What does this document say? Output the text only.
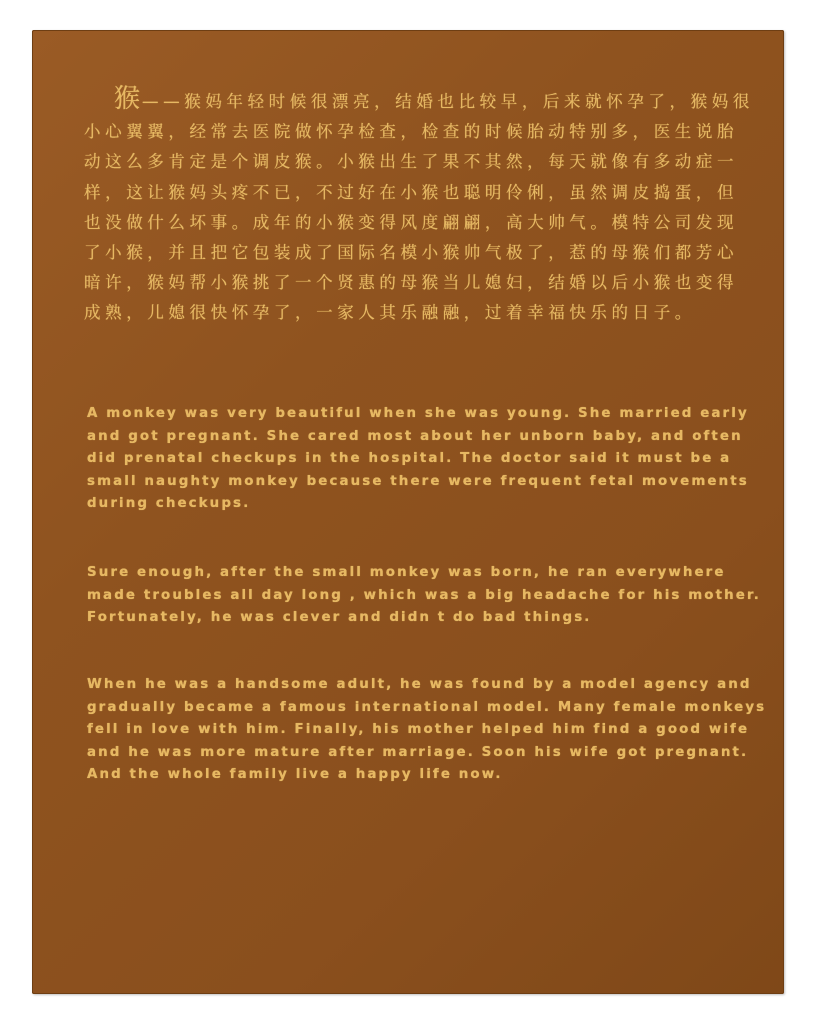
猴——猴妈年轻时候很漂亮，结婚也比较早，后来就怀孕了，猴妈很小心翼翼，经常去医院做怀孕检查，检查的时候胎动特别多，医生说胎动这么多肯定是个调皮猴。小猴出生了果不其然，每天就像有多动症一样，这让猴妈头疼不已，不过好在小猴也聪明伶俐，虽然调皮捣蛋，但也没做什么坏事。成年的小猴变得风度翩翩，高大帅气。模特公司发现了小猴，并且把它包装成了国际名模小猴帅气极了，惹的母猴们都芳心暗许，猴妈帮小猴挑了一个贤惠的母猴当儿媳妇，结婚以后小猴也变得成熟，儿媳很快怀孕了，一家人其乐融融，过着幸福快乐的日子。

A monkey was very beautiful when she was young. She married early and got pregnant. She cared most about her unborn baby, and often did prenatal checkups in the hospital. The doctor said it must be a small naughty monkey because there were frequent fetal movements during checkups.

Sure enough, after the small monkey was born, he ran everywhere made troubles all day long , which was a big headache for his mother. Fortunately, he was clever and didn t do bad things.

When he was a handsome adult, he was found by a model agency and gradually became a famous international model. Many female monkeys fell in love with him. Finally, his mother helped him find a good wife and he was more mature after marriage. Soon his wife got pregnant. And the whole family live a happy life now.
